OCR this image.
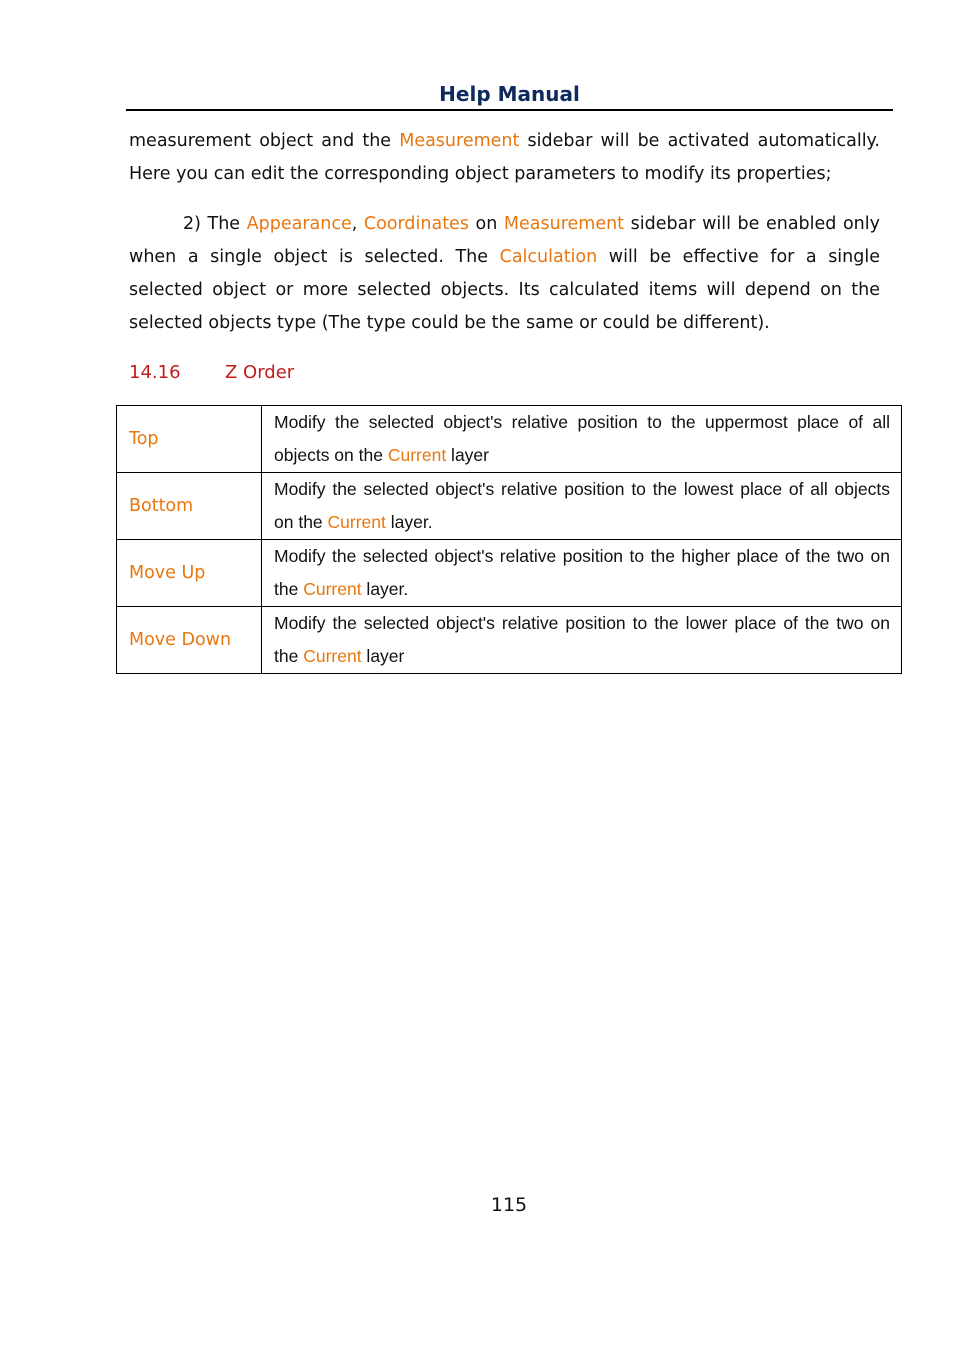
Help Manual

measurement object and the Measurement sidebar will be activated automatically. Here you can edit the corresponding object parameters to modify its properties;

2) The Appearance, Coordinates on Measurement sidebar will be enabled only when a single object is selected. The Calculation will be effective for a single selected object or more selected objects. Its calculated items will depend on the selected objects type (The type could be the same or could be different).

14.16 Z Order
Top	Modify the selected object's relative position to the uppermost place of all objects on the Current layer
Bottom	Modify the selected object's relative position to the lowest place of all objects on the Current layer.
Move Up	Modify the selected object's relative position to the higher place of the two on the Current layer.
Move Down	Modify the selected object's relative position to the lower place of the two on the Current layer
115
